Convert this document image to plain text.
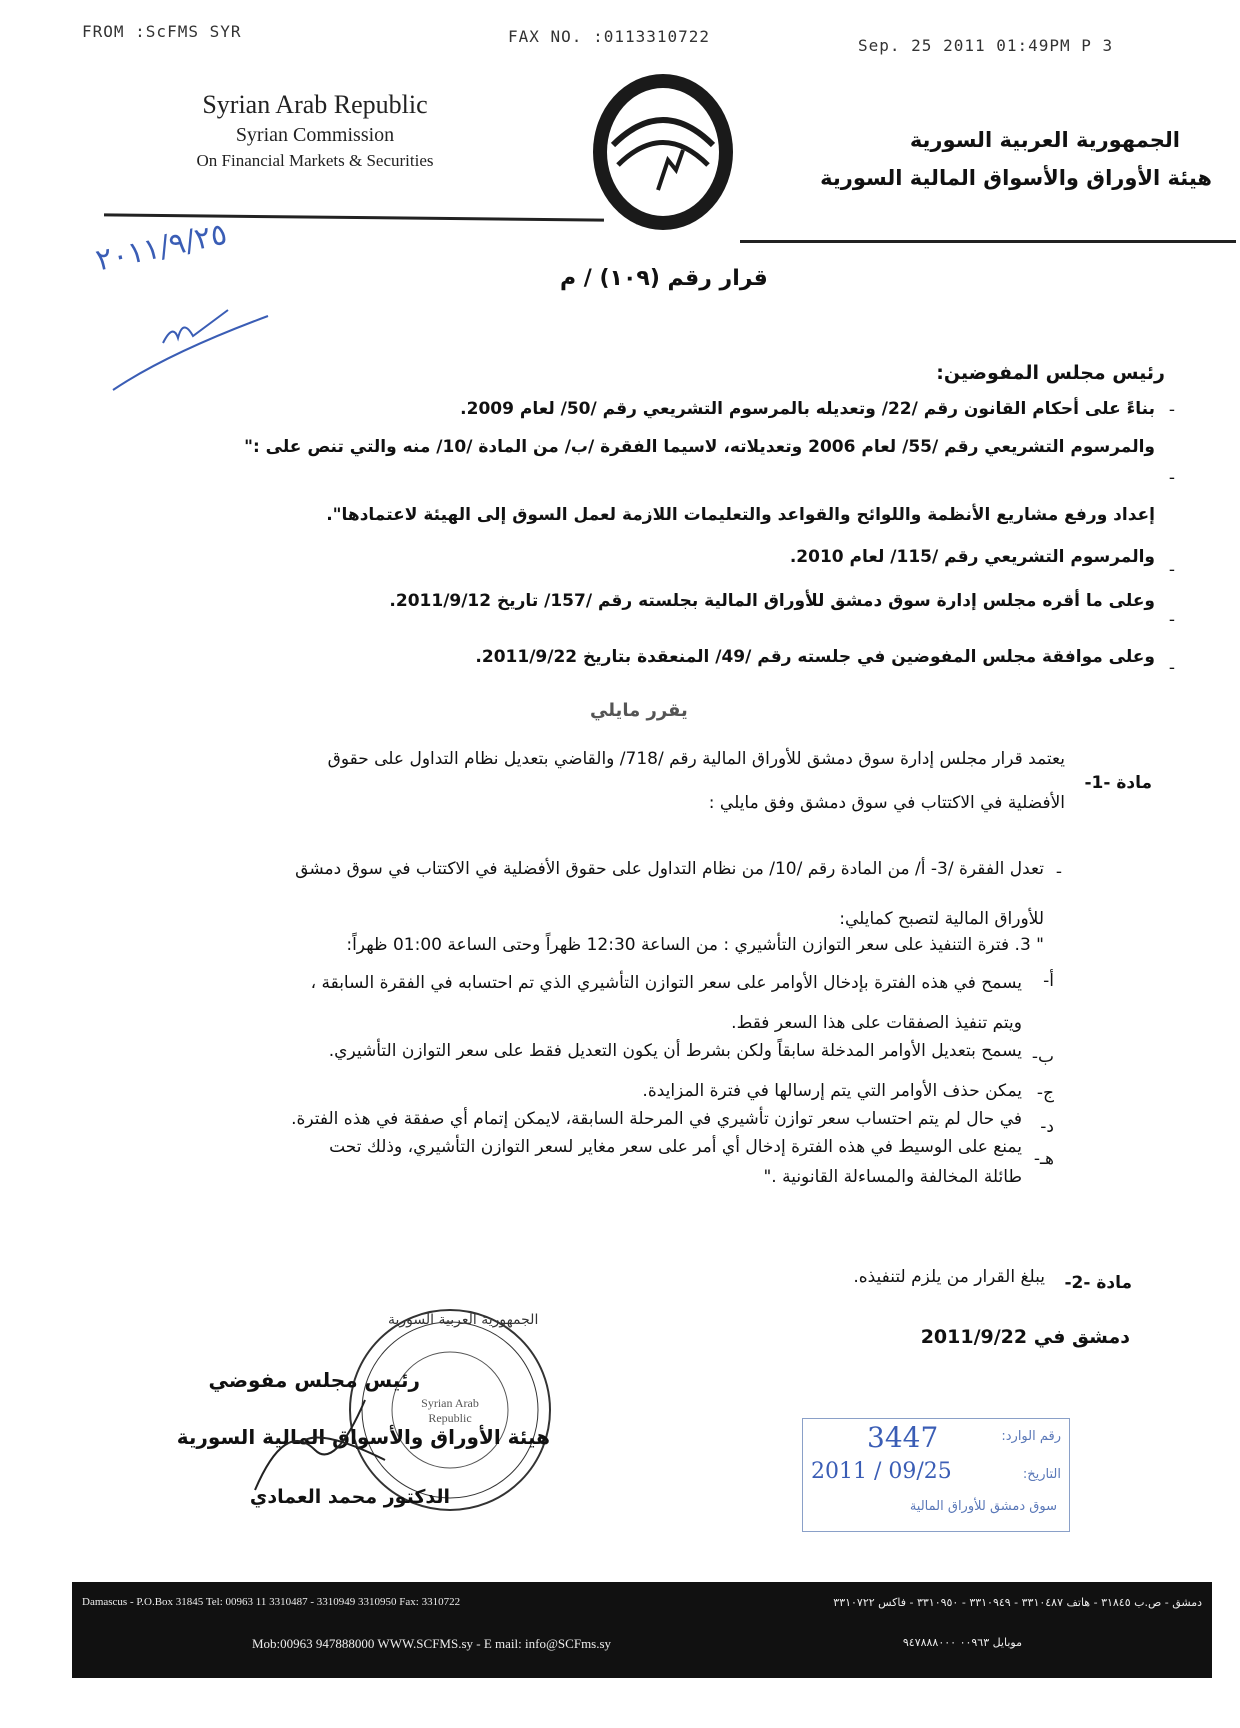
FROM :ScFMS SYR	FAX NO. :0113310722	Sep. 25 2011 01:49PM P 3
Syrian Arab Republic
Syrian Commission
On Financial Markets & Securities
الجمهورية العربية السورية
هيئة الأوراق والأسواق المالية السورية
٢٠١١/٩/٢٥
قرار رقم (١٠٩) / م
رئيس مجلس المفوضين:
بناءً على أحكام القانون رقم /22/ وتعديله بالمرسوم التشريعي رقم /50/ لعام 2009. -
والمرسوم التشريعي رقم /55/ لعام 2006 وتعديلاته، لاسيما الفقرة /ب/ من المادة /10/ منه والتي تنص على :"
-
إعداد ورفع مشاريع الأنظمة واللوائح والقواعد والتعليمات اللازمة لعمل السوق إلى الهيئة لاعتمادها".
والمرسوم التشريعي رقم /115/ لعام 2010.
-
وعلى ما أقره مجلس إدارة سوق دمشق للأوراق المالية بجلسته رقم /157/ تاريخ 2011/9/12.
-
وعلى موافقة مجلس المفوضين في جلسته رقم /49/ المنعقدة بتاريخ 2011/9/22.
-
يقرر مايلي
مادة -1-
يعتمد قرار مجلس إدارة سوق دمشق للأوراق المالية رقم /718/ والقاضي بتعديل نظام التداول على حقوق
الأفضلية في الاكتتاب في سوق دمشق وفق مايلي :
-
تعدل الفقرة /3- أ/ من المادة رقم /10/ من نظام التداول على حقوق الأفضلية في الاكتتاب في سوق دمشق
للأوراق المالية لتصبح كمايلي:
" 3. فترة التنفيذ على سعر التوازن التأشيري : من الساعة 12:30 ظهراً وحتى الساعة 01:00 ظهراً:
أ-
يسمح في هذه الفترة بإدخال الأوامر على سعر التوازن التأشيري الذي تم احتسابه في الفقرة السابقة ،
ويتم تنفيذ الصفقات على هذا السعر فقط.
ب-
يسمح بتعديل الأوامر المدخلة سابقاً ولكن بشرط أن يكون التعديل فقط على سعر التوازن التأشيري.
ج-
يمكن حذف الأوامر التي يتم إرسالها في فترة المزايدة.
د-
في حال لم يتم احتساب سعر توازن تأشيري في المرحلة السابقة، لايمكن إتمام أي صفقة في هذه الفترة.
هـ-
يمنع على الوسيط في هذه الفترة إدخال أي أمر على سعر مغاير لسعر التوازن التأشيري، وذلك تحت
طائلة المخالفة والمساءلة القانونية ."
مادة -2-
يبلغ القرار من يلزم لتنفيذه.
دمشق في 2011/9/22
الجمهورية العربية السورية
Syrian Arab Republic
رئيس مجلس مفوضي
هيئة الأوراق والأسواق المالية السورية
الدكتور محمد العمادي
رقم الوارد:
3447
التاريخ:
2011 / 09/25
سوق دمشق للأوراق المالية
Damascus - P.O.Box 31845 Tel: 00963 11 3310487 - 3310949 3310950 Fax: 3310722	دمشق - ص.ب ٣١٨٤٥ - هاتف ٣٣١٠٤٨٧ - ٣٣١٠٩٤٩ - ٣٣١٠٩٥٠ - فاكس ٣٣١٠٧٢٢
Mob:00963 947888000 WWW.SCFMS.sy - E mail: info@SCFms.sy	موبايل ٠٠٩٦٣ ٩٤٧٨٨٨٠٠٠
